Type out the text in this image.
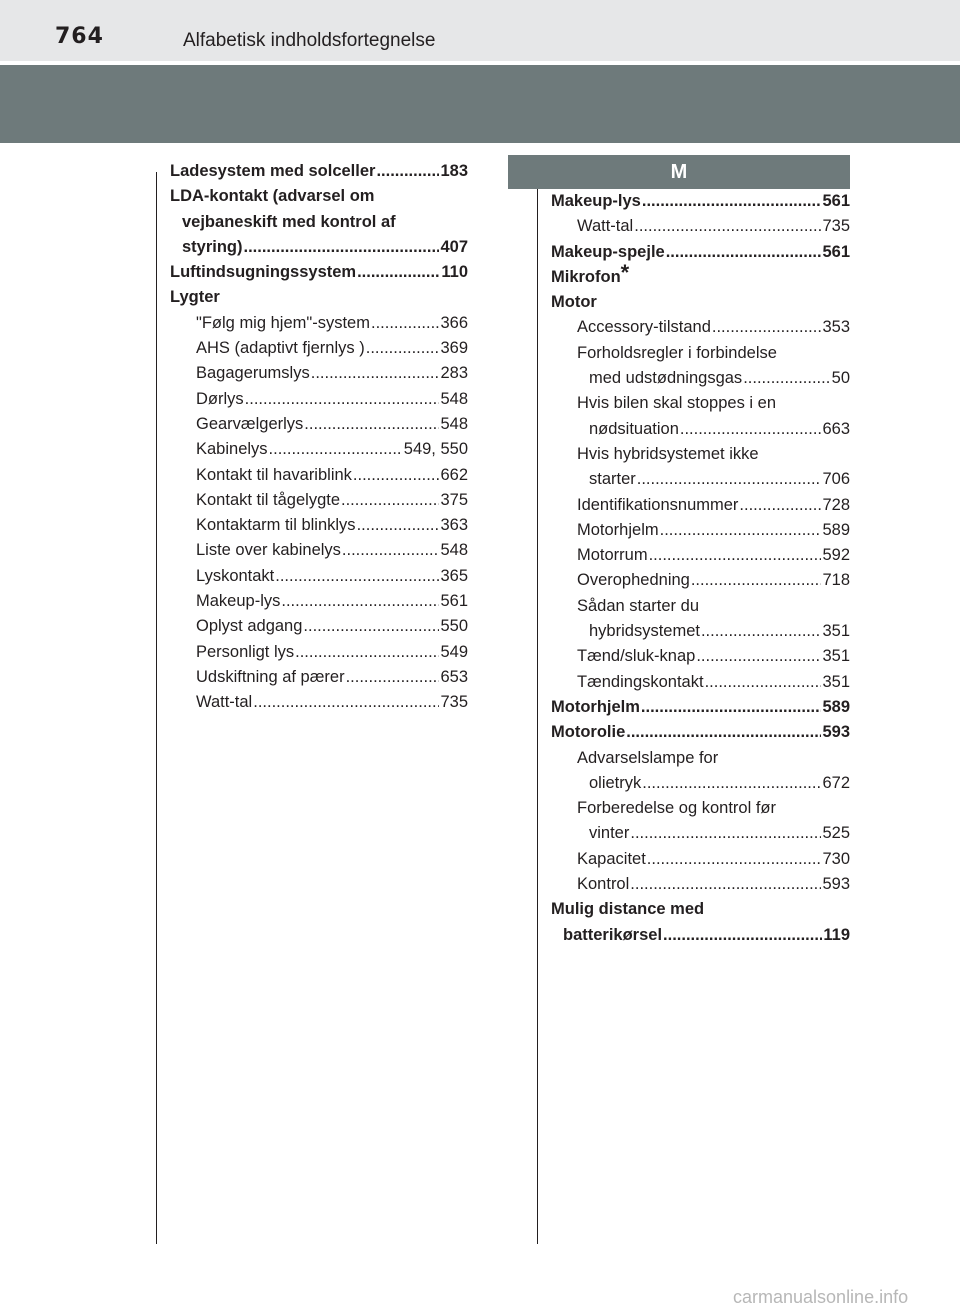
764	Alfabetisk indholdsfortegnelse
Ladesystem med solceller .....	183
LDA-kontakt (advarsel om
vejbaneskift med kontrol af
styring) .....	407
Luftindsugningssystem .....	110
Lygter
"Følg mig hjem"-system .....	366
AHS (adaptivt fjernlys ) .....	369
Bagagerumslys .....	283
Dørlys .....	548
Gearvælgerlys .....	548
Kabinelys .....	549, 550
Kontakt til havariblink .....	662
Kontakt til tågelygte .....	375
Kontaktarm til blinklys .....	363
Liste over kabinelys .....	548
Lyskontakt .....	365
Makeup-lys .....	561
Oplyst adgang .....	550
Personligt lys .....	549
Udskiftning af pærer .....	653
Watt-tal .....	735
M
Makeup-lys .....	561
Watt-tal .....	735
Makeup-spejle .....	561
Mikrofon*
Motor
Accessory-tilstand .....	353
Forholdsregler i forbindelse
med udstødningsgas .....	50
Hvis bilen skal stoppes i en
nødsituation .....	663
Hvis hybridsystemet ikke
starter .....	706
Identifikationsnummer .....	728
Motorhjelm .....	589
Motorrum .....	592
Overophedning .....	718
Sådan starter du
hybridsystemet .....	351
Tænd/sluk-knap .....	351
Tændingskontakt .....	351
Motorhjelm .....	589
Motorolie .....	593
Advarselslampe for
olietryk .....	672
Forberedelse og kontrol før
vinter .....	525
Kapacitet .....	730
Kontrol .....	593
Mulig distance med
batterikørsel .....	119
carmanualsonline.info
